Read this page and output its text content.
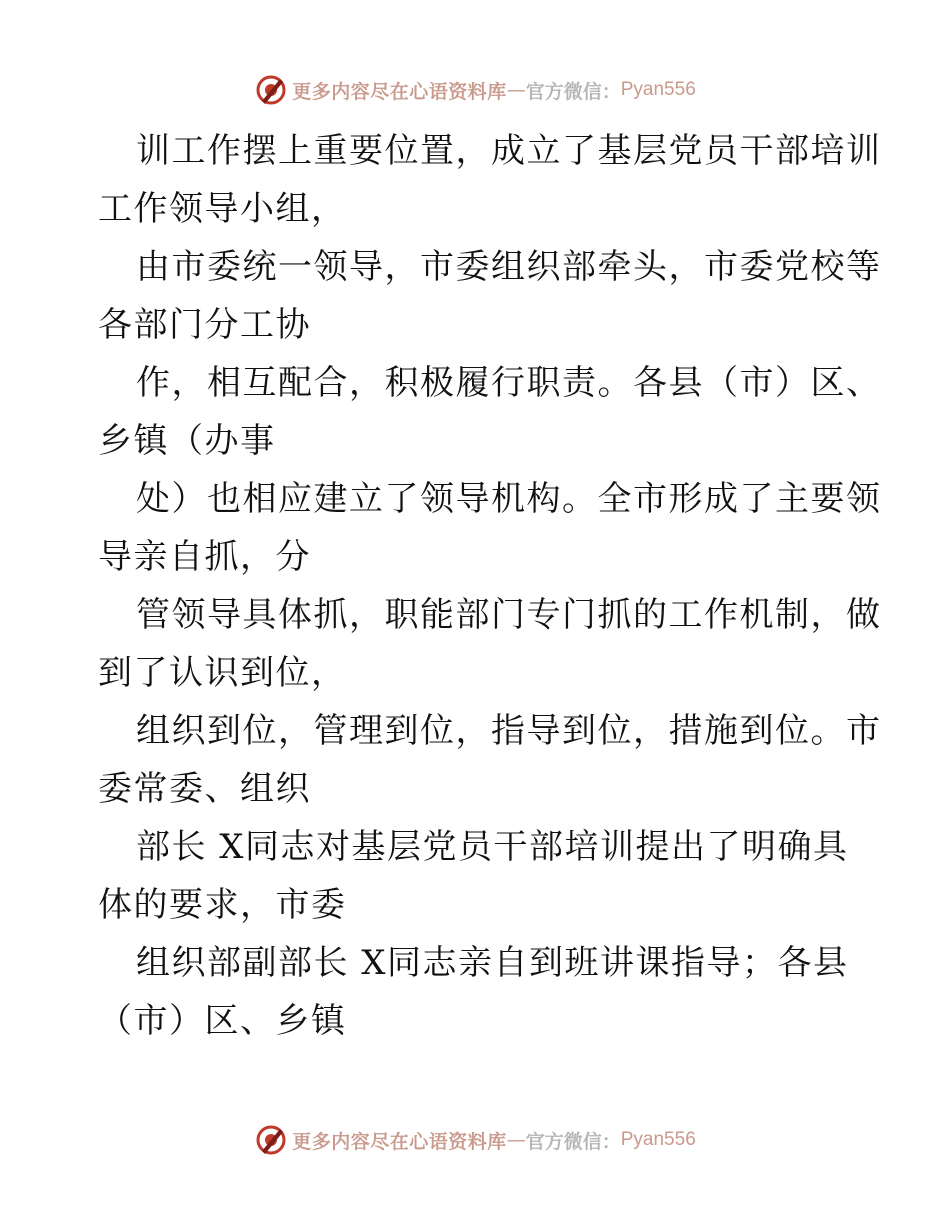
更多内容尽在心语资料库 — 官方微信： Pyan556
训工作摆上重要位置，成立了基层党员干部培训
工作领导小组，
由市委统一领导，市委组织部牵头，市委党校等
各部门分工协
作，相互配合，积极履行职责。各县（市）区、
乡镇（办事
处）也相应建立了领导机构。全市形成了主要领
导亲自抓，分
管领导具体抓，职能部门专门抓的工作机制，做
到了认识到位，
组织到位，管理到位，指导到位，措施到位。市
委常委、组织
部长 X同志对基层党员干部培训提出了明确具
体的要求，市委
组织部副部长 X同志亲自到班讲课指导；各县
（市）区、乡镇
更多内容尽在心语资料库 — 官方微信： Pyan556
